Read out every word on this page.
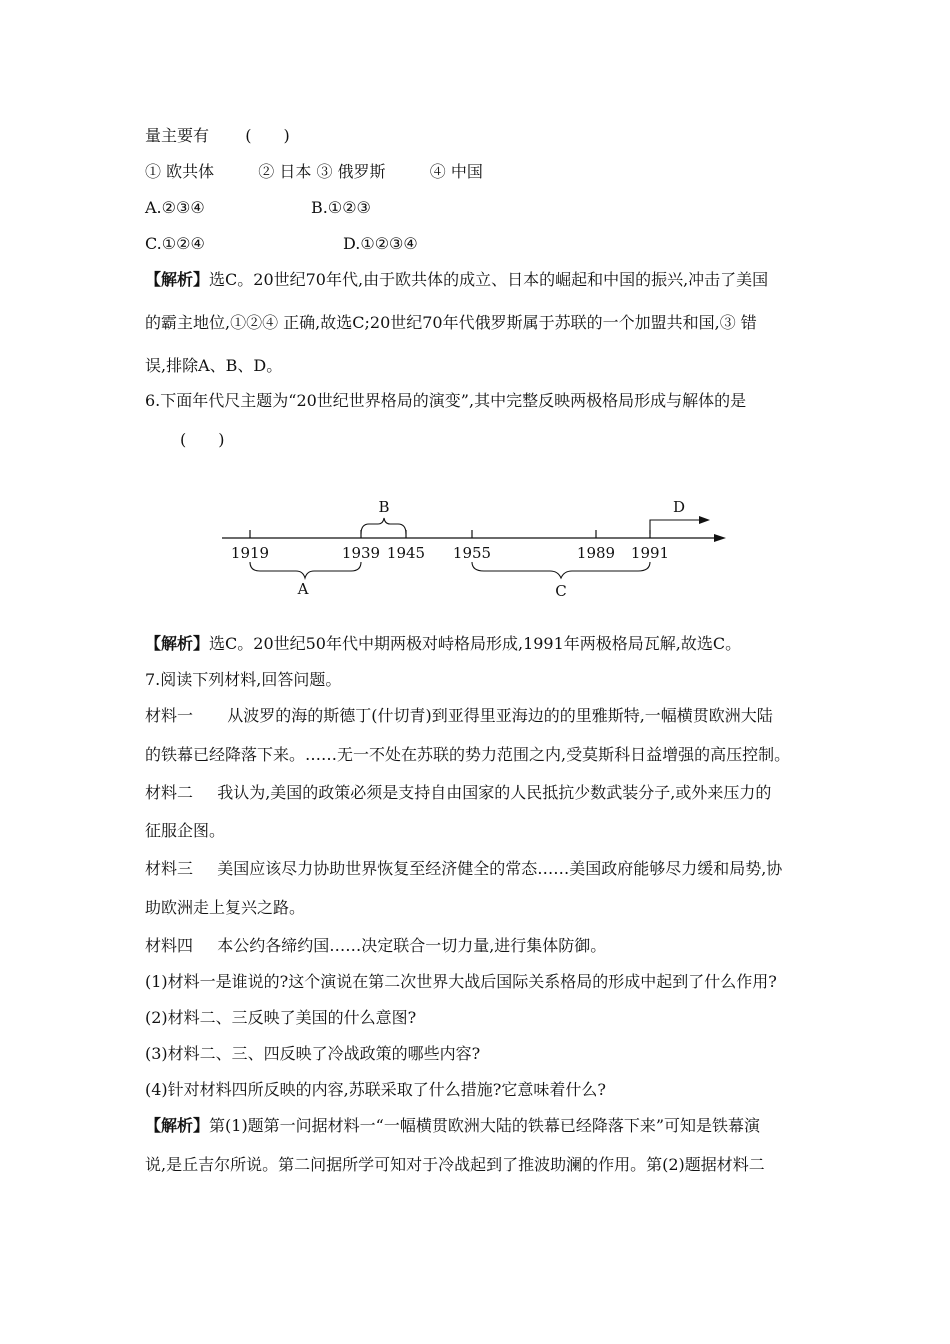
量主要有 (　　)
① 欧共体	② 日本 ③ 俄罗斯	④ 中国
A.②③④	B.①②③
C.①②④	D.①②③④
【解析】选C。20世纪70年代,由于欧共体的成立、日本的崛起和中国的振兴,冲击了美国
的霸主地位,①②④ 正确,故选C;20世纪70年代俄罗斯属于苏联的一个加盟共和国,③ 错
误,排除A、B、D。
6.下面年代尺主题为“20世纪世界格局的演变”,其中完整反映两极格局形成与解体的是
(　　)
1919	1939 1945 1955	1989 1991
B
A	C
D
【解析】选C。20世纪50年代中期两极对峙格局形成,1991年两极格局瓦解,故选C。
7.阅读下列材料,回答问题。
材料一 从波罗的海的斯德丁(什切青)到亚得里亚海边的的里雅斯特,一幅横贯欧洲大陆
的铁幕已经降落下来。……无一不处在苏联的势力范围之内,受莫斯科日益增强的高压控制。
材料二 我认为,美国的政策必须是支持自由国家的人民抵抗少数武装分子,或外来压力的
征服企图。
材料三 美国应该尽力协助世界恢复至经济健全的常态……美国政府能够尽力缓和局势,协
助欧洲走上复兴之路。
材料四 本公约各缔约国……决定联合一切力量,进行集体防御。
(1)材料一是谁说的?这个演说在第二次世界大战后国际关系格局的形成中起到了什么作用?
(2)材料二、三反映了美国的什么意图?
(3)材料二、三、四反映了冷战政策的哪些内容?
(4)针对材料四所反映的内容,苏联采取了什么措施?它意味着什么?
【解析】第(1)题第一问据材料一“一幅横贯欧洲大陆的铁幕已经降落下来”可知是铁幕演
说,是丘吉尔所说。第二问据所学可知对于冷战起到了推波助澜的作用。第(2)题据材料二
